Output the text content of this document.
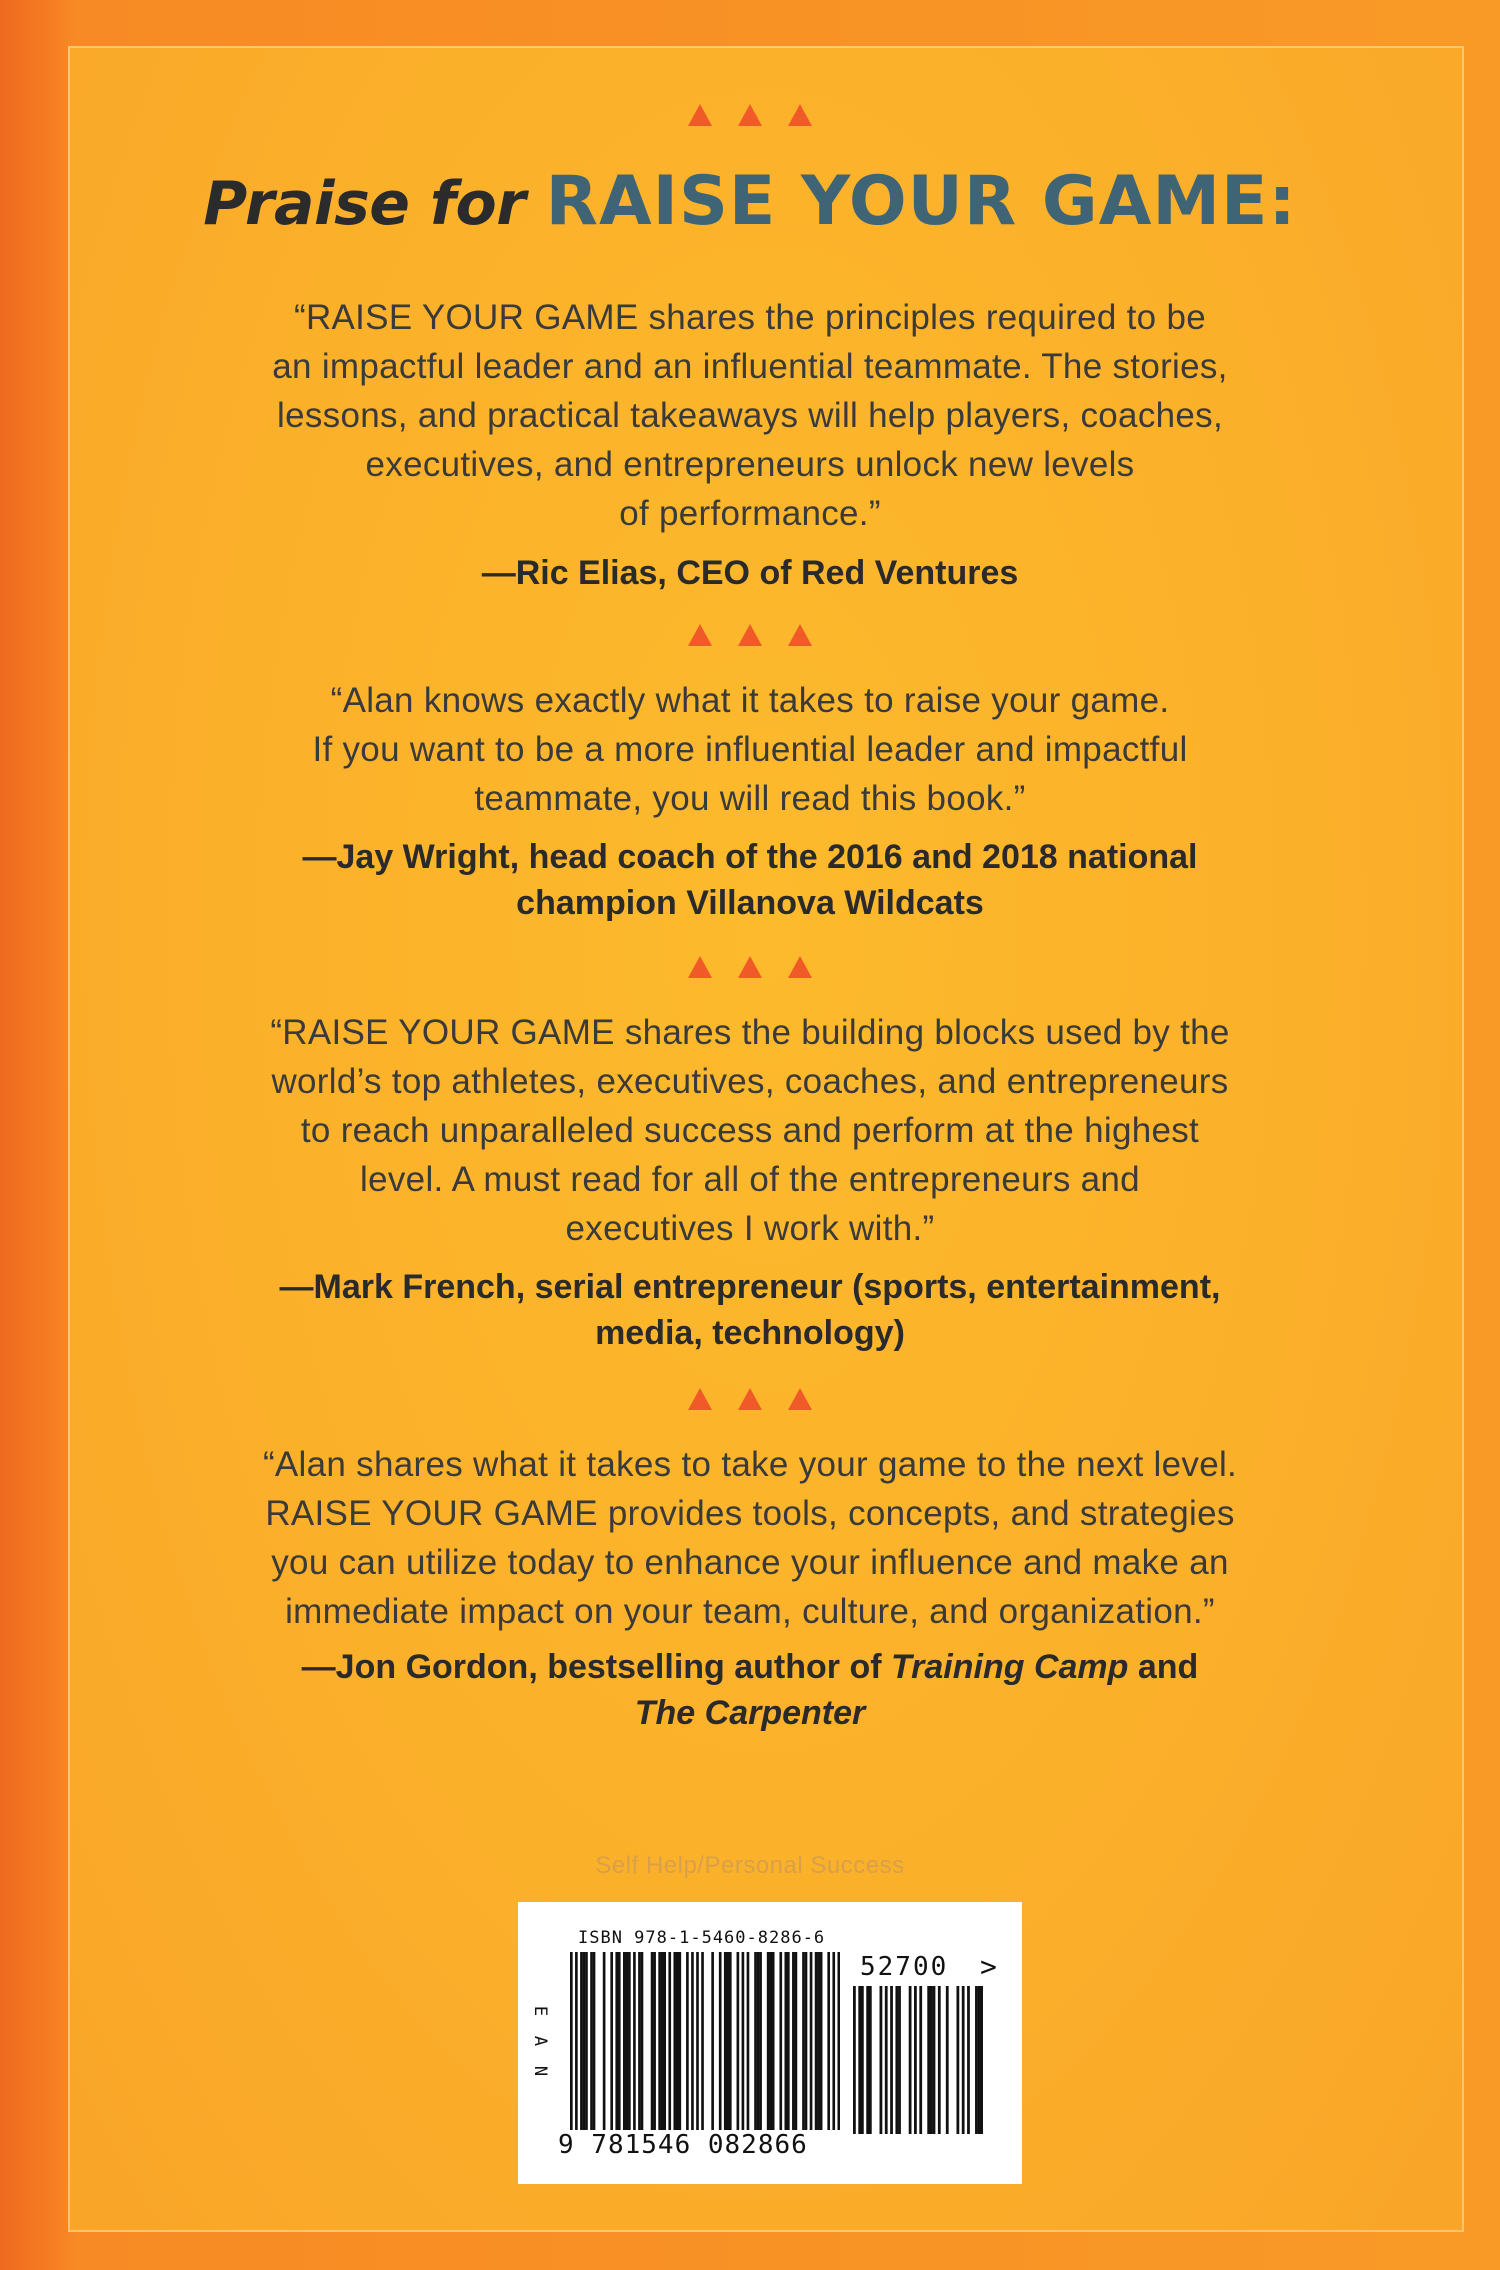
Praise for RAISE YOUR GAME:
“RAISE YOUR GAME shares the principles required to be
an impactful leader and an influential teammate. The stories,
lessons, and practical takeaways will help players, coaches,
executives, and entrepreneurs unlock new levels
of performance.”
—Ric Elias, CEO of Red Ventures
“Alan knows exactly what it takes to raise your game.
If you want to be a more influential leader and impactful
teammate, you will read this book.”
—Jay Wright, head coach of the 2016 and 2018 national
champion Villanova Wildcats
“RAISE YOUR GAME shares the building blocks used by the
world’s top athletes, executives, coaches, and entrepreneurs
to reach unparalleled success and perform at the highest
level. A must read for all of the entrepreneurs and
executives I work with.”
—Mark French, serial entrepreneur (sports, entertainment,
media, technology)
“Alan shares what it takes to take your game to the next level.
RAISE YOUR GAME provides tools, concepts, and strategies
you can utilize today to enhance your influence and make an
immediate impact on your team, culture, and organization.”
—Jon Gordon, bestselling author of Training Camp and
The Carpenter
Self Help/Personal Success
ISBN 978-1-5460-8286-6
E
A
N
52700 >
9 781546 082866
